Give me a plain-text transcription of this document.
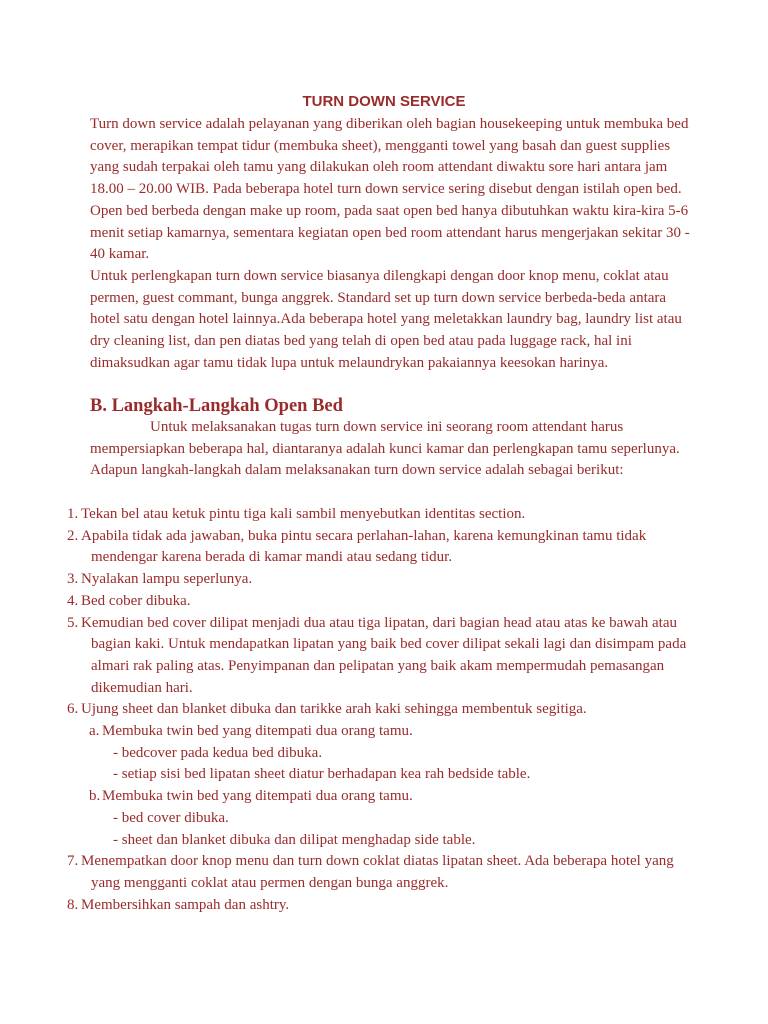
TURN DOWN SERVICE

Turn down service adalah pelayanan yang diberikan oleh bagian housekeeping untuk membuka bed cover, merapikan tempat tidur (membuka sheet), mengganti towel yang basah dan guest supplies yang sudah terpakai oleh tamu yang dilakukan oleh room attendant diwaktu sore hari antara jam 18.00 – 20.00 WIB. Pada beberapa hotel turn down service sering disebut dengan istilah open bed.

Open bed berbeda dengan make up room, pada saat open bed hanya dibutuhkan waktu kira-kira 5-6 menit setiap kamarnya, sementara kegiatan open bed room attendant harus mengerjakan sekitar 30 - 40 kamar.

Untuk perlengkapan turn down service biasanya dilengkapi dengan door knop menu, coklat atau permen, guest commant, bunga anggrek. Standard set up turn down service berbeda-beda antara hotel satu dengan hotel lainnya.Ada beberapa hotel yang meletakkan laundry bag, laundry list atau dry cleaning list, dan pen diatas bed yang telah di open bed atau pada luggage rack, hal ini dimaksudkan agar tamu tidak lupa untuk melaundrykan pakaiannya keesokan harinya.

B. Langkah-Langkah Open Bed

Untuk melaksanakan tugas turn down service ini seorang room attendant harus mempersiapkan beberapa hal, diantaranya adalah kunci kamar dan perlengkapan tamu seperlunya. Adapun langkah-langkah dalam melaksanakan turn down service adalah sebagai berikut:

1. Tekan bel atau ketuk pintu tiga kali sambil menyebutkan identitas section.
2. Apabila tidak ada jawaban, buka pintu secara perlahan-lahan, karena kemungkinan tamu tidak mendengar karena berada di kamar mandi atau sedang tidur.
3. Nyalakan lampu seperlunya.
4. Bed cober dibuka.
5. Kemudian bed cover dilipat menjadi dua atau tiga lipatan, dari bagian head atau atas ke bawah atau bagian kaki. Untuk mendapatkan lipatan yang baik bed cover dilipat sekali lagi dan disimpam pada almari rak paling atas. Penyimpanan dan pelipatan yang baik akam mempermudah pemasangan dikemudian hari.
6. Ujung sheet dan blanket dibuka dan tarikke arah kaki sehingga membentuk segitiga.
a. Membuka twin bed yang ditempati dua orang tamu.
- bedcover pada kedua bed dibuka.
- setiap sisi bed lipatan sheet diatur berhadapan kea rah bedside table.
b. Membuka twin bed yang ditempati dua orang tamu.
- bed cover dibuka.
- sheet dan blanket dibuka dan dilipat menghadap side table.
7. Menempatkan door knop menu dan turn down coklat diatas lipatan sheet. Ada beberapa hotel yang yang mengganti coklat atau permen dengan bunga anggrek.
8. Membersihkan sampah dan ashtry.
